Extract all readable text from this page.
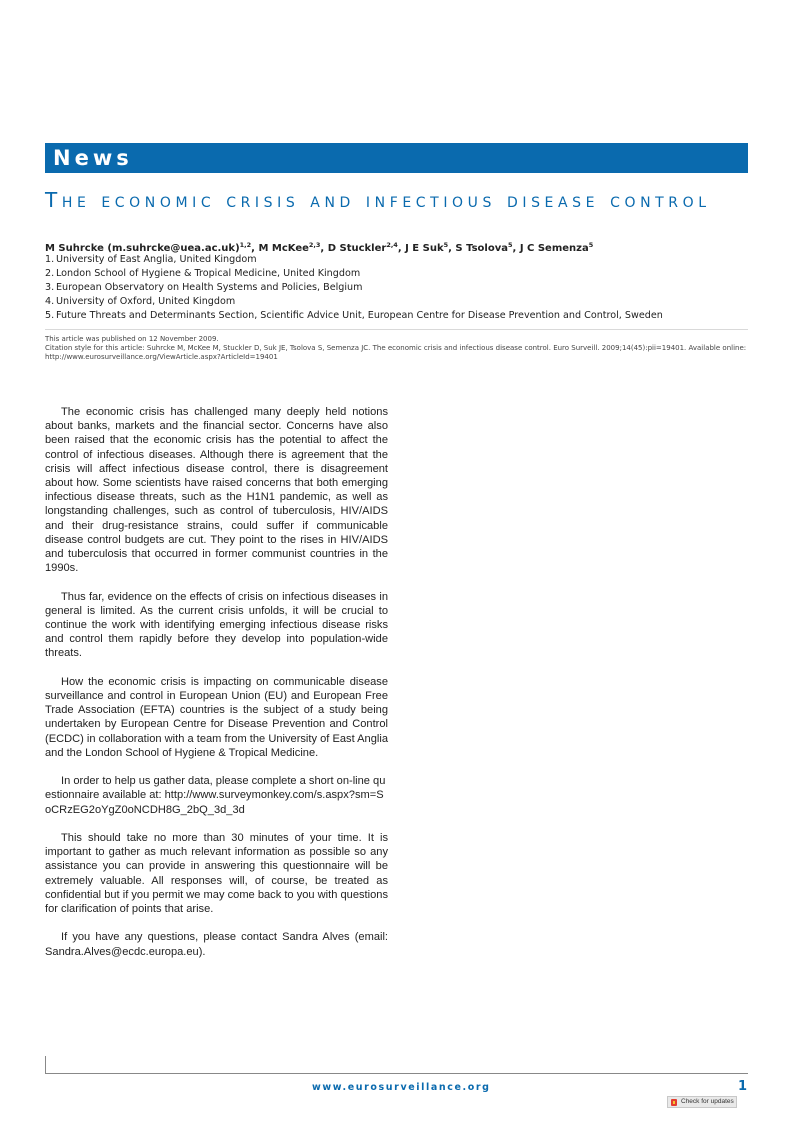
News
The economic crisis and infectious disease control
M Suhrcke (m.suhrcke@uea.ac.uk)$^{1,2}$, M McKee$^{2,3}$, D Stuckler$^{2,4}$, J E Suk$^5$, S Tsolova$^5$, J C Semenza$^5$
1. University of East Anglia, United Kingdom
2. London School of Hygiene & Tropical Medicine, United Kingdom
3. European Observatory on Health Systems and Policies, Belgium
4. University of Oxford, United Kingdom
5. Future Threats and Determinants Section, Scientific Advice Unit, European Centre for Disease Prevention and Control, Sweden
This article was published on 12 November 2009.
Citation style for this article: Suhrcke M, McKee M, Stuckler D, Suk JE, Tsolova S, Semenza JC. The economic crisis and infectious disease control. Euro Surveill. 2009;14(45):pii=19401. Available online: http://www.eurosurveillance.org/ViewArticle.aspx?ArticleId=19401

The economic crisis has challenged many deeply held notions about banks, markets and the financial sector. Concerns have also been raised that the economic crisis has the potential to affect the control of infectious diseases. Although there is agreement that the crisis will affect infectious disease control, there is disagreement about how. Some scientists have raised concerns that both emerging infectious disease threats, such as the H1N1 pandemic, as well as longstanding challenges, such as control of tuberculosis, HIV/AIDS and their drug-resistance strains, could suffer if communicable disease control budgets are cut. They point to the rises in HIV/AIDS and tuberculosis that occurred in former communist countries in the 1990s.

Thus far, evidence on the effects of crisis on infectious diseases in general is limited. As the current crisis unfolds, it will be crucial to continue the work with identifying emerging infectious disease risks and control them rapidly before they develop into population-wide threats.

How the economic crisis is impacting on communicable disease surveillance and control in European Union (EU) and European Free Trade Association (EFTA) countries is the subject of a study being undertaken by European Centre for Disease Prevention and Control (ECDC) in collaboration with a team from the University of East Anglia and the London School of Hygiene & Tropical Medicine.

In order to help us gather data, please complete a short on-line questionnaire available at: http://www.surveymonkey.com/s.aspx?sm=SoCRzEG2oYgZ0oNCDH8G_2bQ_3d_3d

This should take no more than 30 minutes of your time. It is important to gather as much relevant information as possible so any assistance you can provide in answering this questionnaire will be extremely valuable. All responses will, of course, be treated as confidential but if you permit we may come back to you with questions for clarification of points that arise.

If you have any questions, please contact Sandra Alves (email: Sandra.Alves@ecdc.europa.eu).

www.eurosurveillance.org	1
Check for updates
